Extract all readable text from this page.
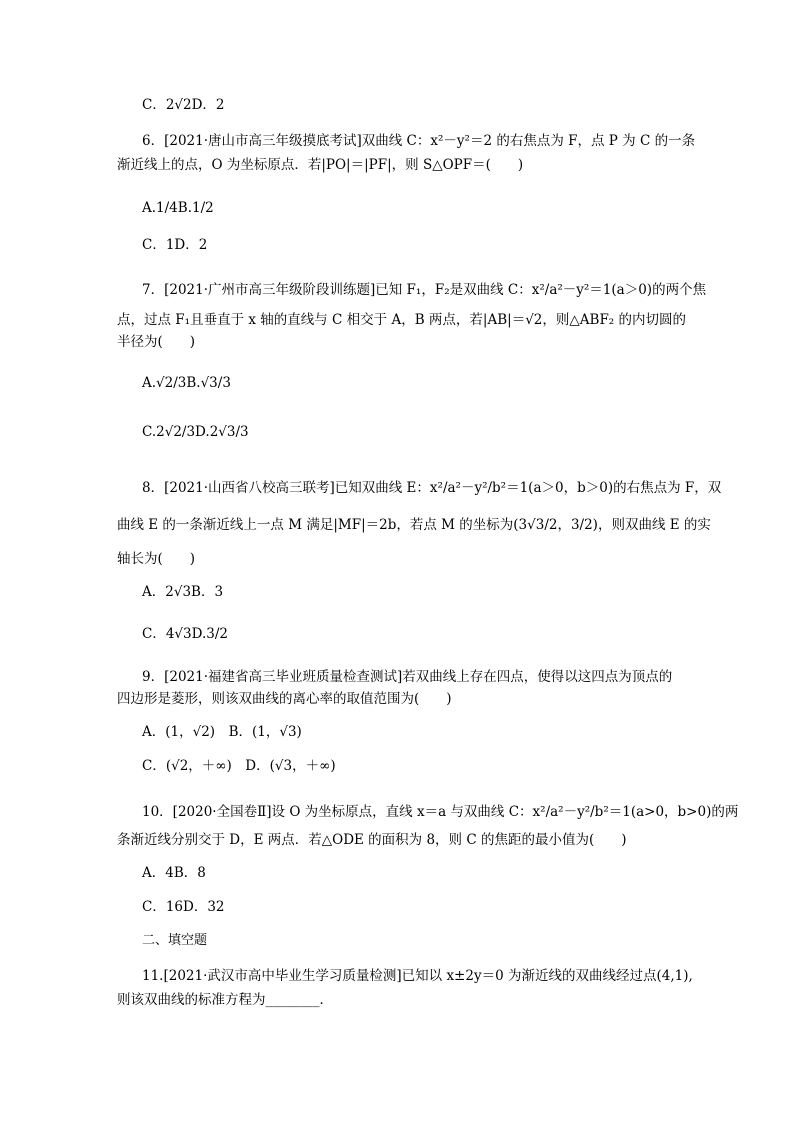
C．2√2D．2
6．[2021·唐山市高三年级摸底考试]双曲线 C：x²－y²＝2 的右焦点为 F，点 P 为 C 的一条
渐近线上的点，O 为坐标原点．若|PO|＝|PF|，则 S△OPF＝(　　)
A.1/4B.1/2
C．1D．2
7．[2021·广州市高三年级阶段训练题]已知 F₁，F₂是双曲线 C：x²/a²－y²＝1(a＞0)的两个焦
点，过点 F₁且垂直于 x 轴的直线与 C 相交于 A，B 两点，若|AB|＝√2，则△ABF₂ 的内切圆的
半径为(　　)
A.√2/3B.√3/3
C.2√2/3D.2√3/3
8．[2021·山西省八校高三联考]已知双曲线 E：x²/a²－y²/b²＝1(a＞0，b＞0)的右焦点为 F，双
曲线 E 的一条渐近线上一点 M 满足|MF|＝2b，若点 M 的坐标为(3√3/2，3/2)，则双曲线 E 的实
轴长为(　　)
A．2√3B．3
C．4√3D.3/2
9．[2021·福建省高三毕业班质量检查测试]若双曲线上存在四点，使得以这四点为顶点的
四边形是菱形，则该双曲线的离心率的取值范围为(　　)
A．(1，√2)　B．(1，√3)
C．(√2，＋∞)　D．(√3，＋∞)
10．[2020·全国卷Ⅱ]设 O 为坐标原点，直线 x＝a 与双曲线 C：x²/a²－y²/b²＝1(a>0，b>0)的两
条渐近线分别交于 D，E 两点．若△ODE 的面积为 8，则 C 的焦距的最小值为(　　)
A．4B．8
C．16D．32
二、填空题
11.[2021·武汉市高中毕业生学习质量检测]已知以 x±2y＝0 为渐近线的双曲线经过点(4,1),
则该双曲线的标准方程为________．
